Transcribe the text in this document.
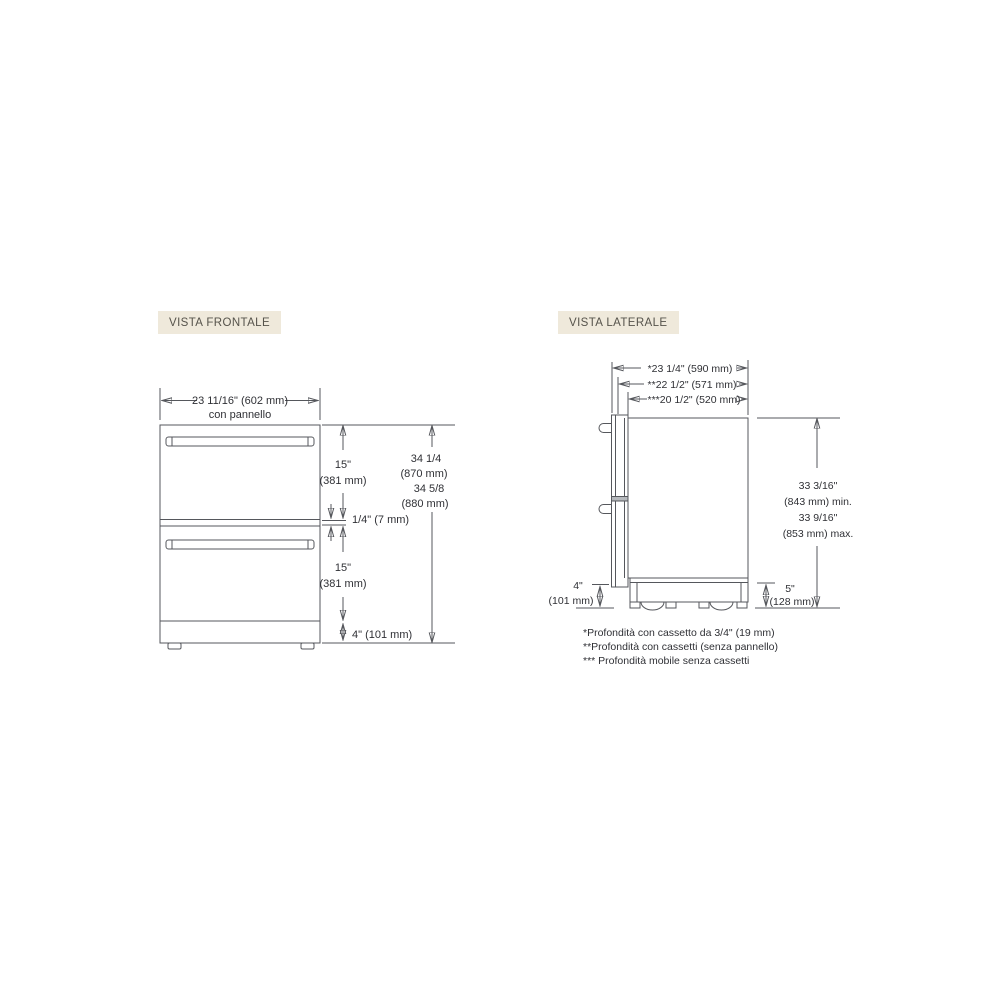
VISTA FRONTALE	VISTA LATERALE
23 11/16" (602 mm)
con pannello
15"
(381 mm)
1/4" (7 mm)
15"
(381 mm)
4" (101 mm)
34 1/4
(870 mm)
34 5/8
(880 mm)
*23 1/4" (590 mm)
**22 1/2" (571 mm)
***20 1/2" (520 mm)
33 3/16"
(843 mm) min.
33 9/16"
(853 mm) max.
4"
(101 mm)
5"
(128 mm)
*Profondità con cassetto da 3/4" (19 mm)
**Profondità con cassetti (senza pannello)
*** Profondità mobile senza cassetti
